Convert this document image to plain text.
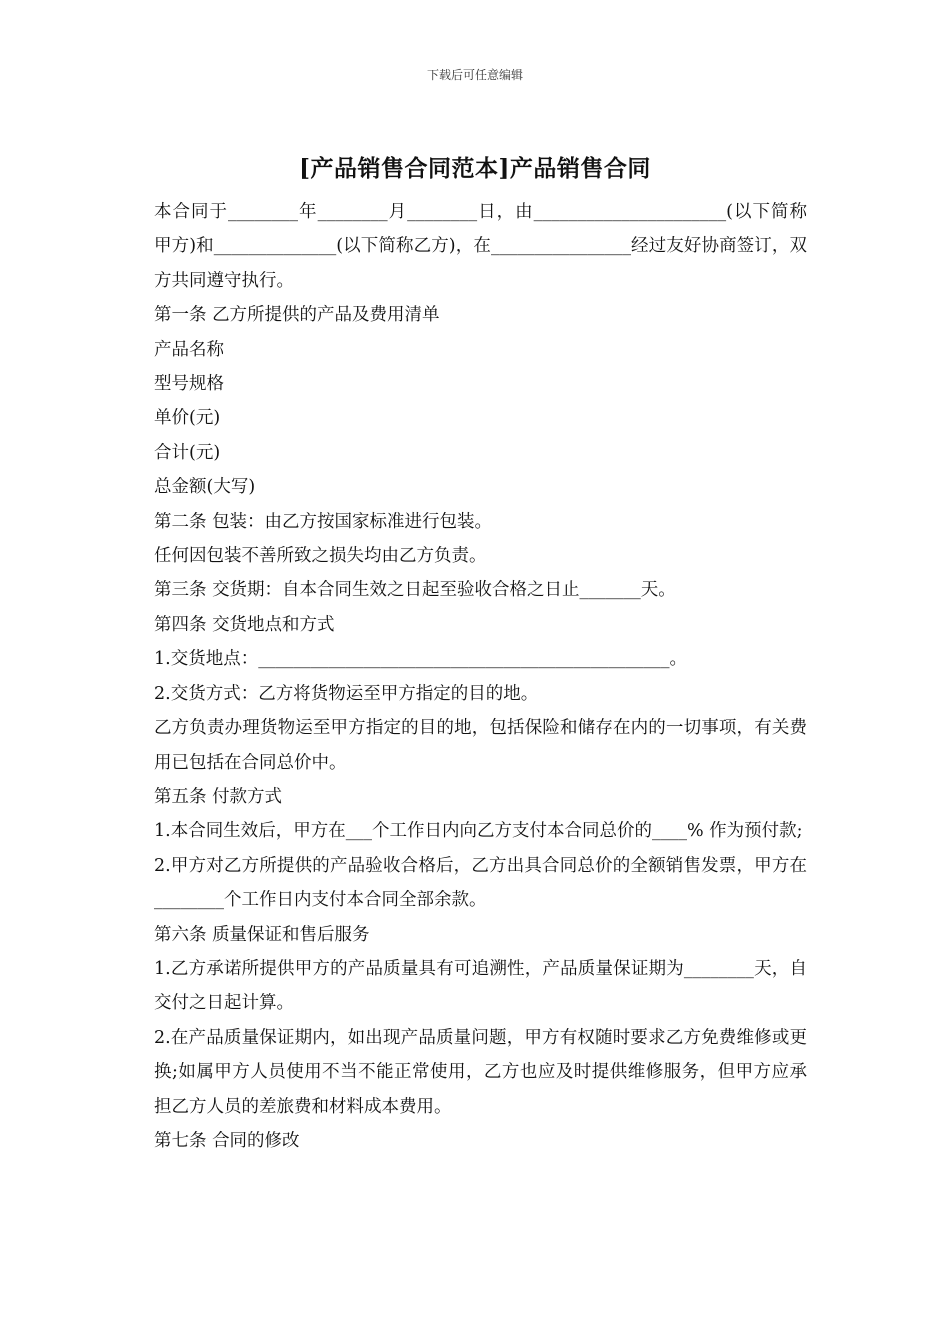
下载后可任意编辑
[产品销售合同范本]产品销售合同

本合同于________年________月________日，由______________________(以下简称甲方)和______________(以下简称乙方)，在________________经过友好协商签订，双方共同遵守执行。

第一条 乙方所提供的产品及费用清单

产品名称

型号规格

单价(元)

合计(元)

总金额(大写)

第二条 包装：由乙方按国家标准进行包装。

任何因包装不善所致之损失均由乙方负责。

第三条 交货期：自本合同生效之日起至验收合格之日止_______天。

第四条 交货地点和方式

1.交货地点：_______________________________________________。

2.交货方式：乙方将货物运至甲方指定的目的地。

乙方负责办理货物运至甲方指定的目的地，包括保险和储存在内的一切事项，有关费用已包括在合同总价中。

第五条 付款方式

1.本合同生效后，甲方在___个工作日内向乙方支付本合同总价的____% 作为预付款;

2.甲方对乙方所提供的产品验收合格后，乙方出具合同总价的全额销售发票，甲方在________个工作日内支付本合同全部余款。

第六条 质量保证和售后服务

1.乙方承诺所提供甲方的产品质量具有可追溯性，产品质量保证期为________天，自交付之日起计算。

2.在产品质量保证期内，如出现产品质量问题，甲方有权随时要求乙方免费维修或更换;如属甲方人员使用不当不能正常使用，乙方也应及时提供维修服务，但甲方应承担乙方人员的差旅费和材料成本费用。

第七条 合同的修改
